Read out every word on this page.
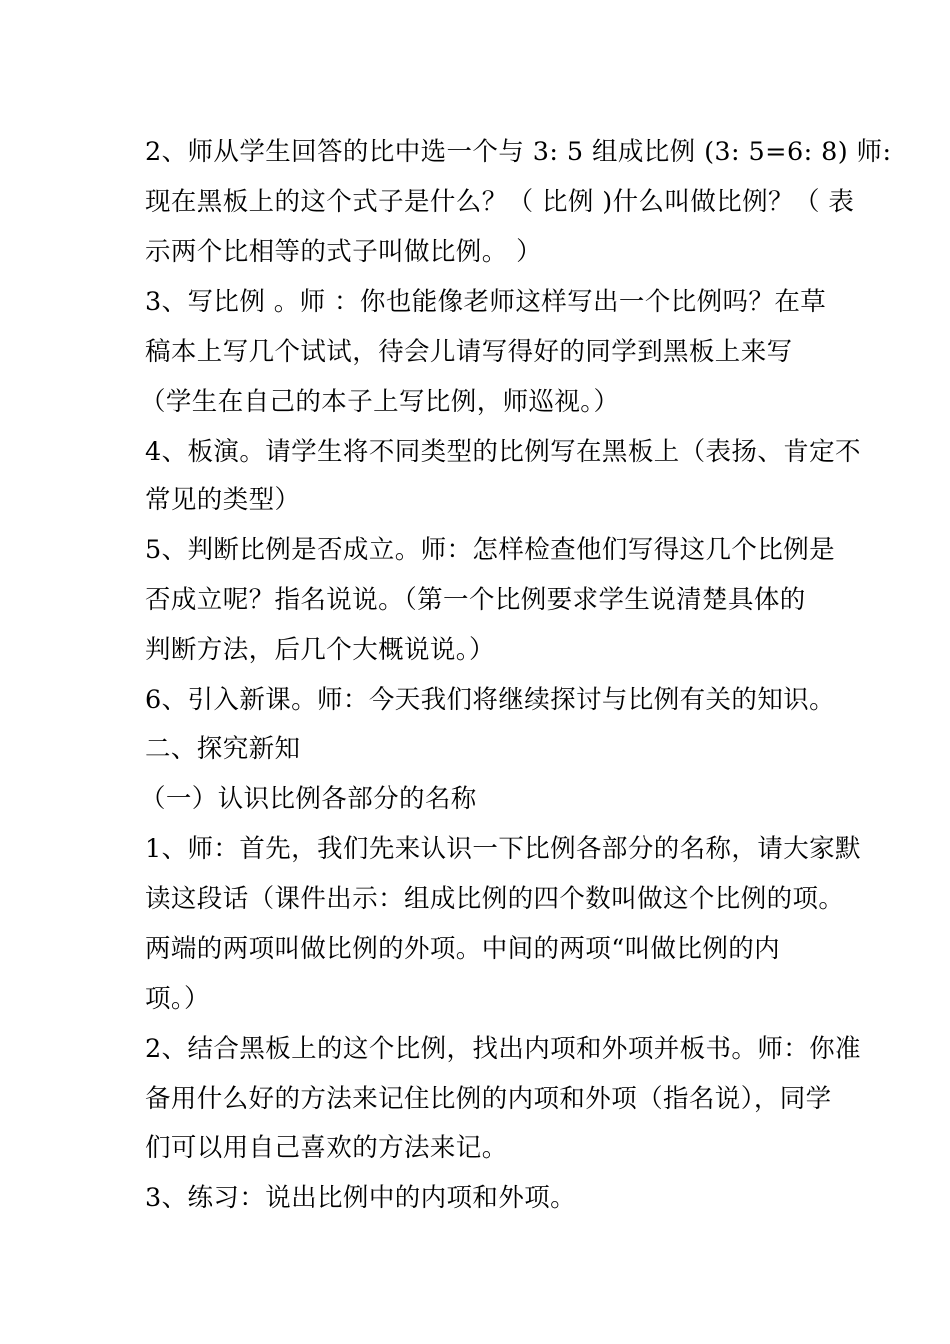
2、师从学生回答的比中选一个与 3: 5 组成比例 (3: 5=6: 8) 师:
现在黑板上的这个式子是什么？（ 比例 )什么叫做比例？（ 表
示两个比相等的式子叫做比例。 ）
3、写比例 。师 ：你也能像老师这样写出一个比例吗？在草
稿本上写几个试试，待会儿请写得好的同学到黑板上来写
（学生在自己的本子上写比例，师巡视。）
4、板演。请学生将不同类型的比例写在黑板上（表扬、肯定不
常见的类型）
5、判断比例是否成立。师：怎样检查他们写得这几个比例是
否成立呢？指名说说。（第一个比例要求学生说清楚具体的
判断方法，后几个大概说说。）
6、引入新课。师：今天我们将继续探讨与比例有关的知识。
二、探究新知
（一）认识比例各部分的名称
1、师：首先，我们先来认识一下比例各部分的名称，请大家默
读这段话（课件出示：组成比例的四个数叫做这个比例的项。
两端的两项叫做比例的外项。中间的两项“叫做比例的内
项。）
2、结合黑板上的这个比例，找出内项和外项并板书。师：你准
备用什么好的方法来记住比例的内项和外项（指名说），同学
们可以用自己喜欢的方法来记。
3、练习：说出比例中的内项和外项。
